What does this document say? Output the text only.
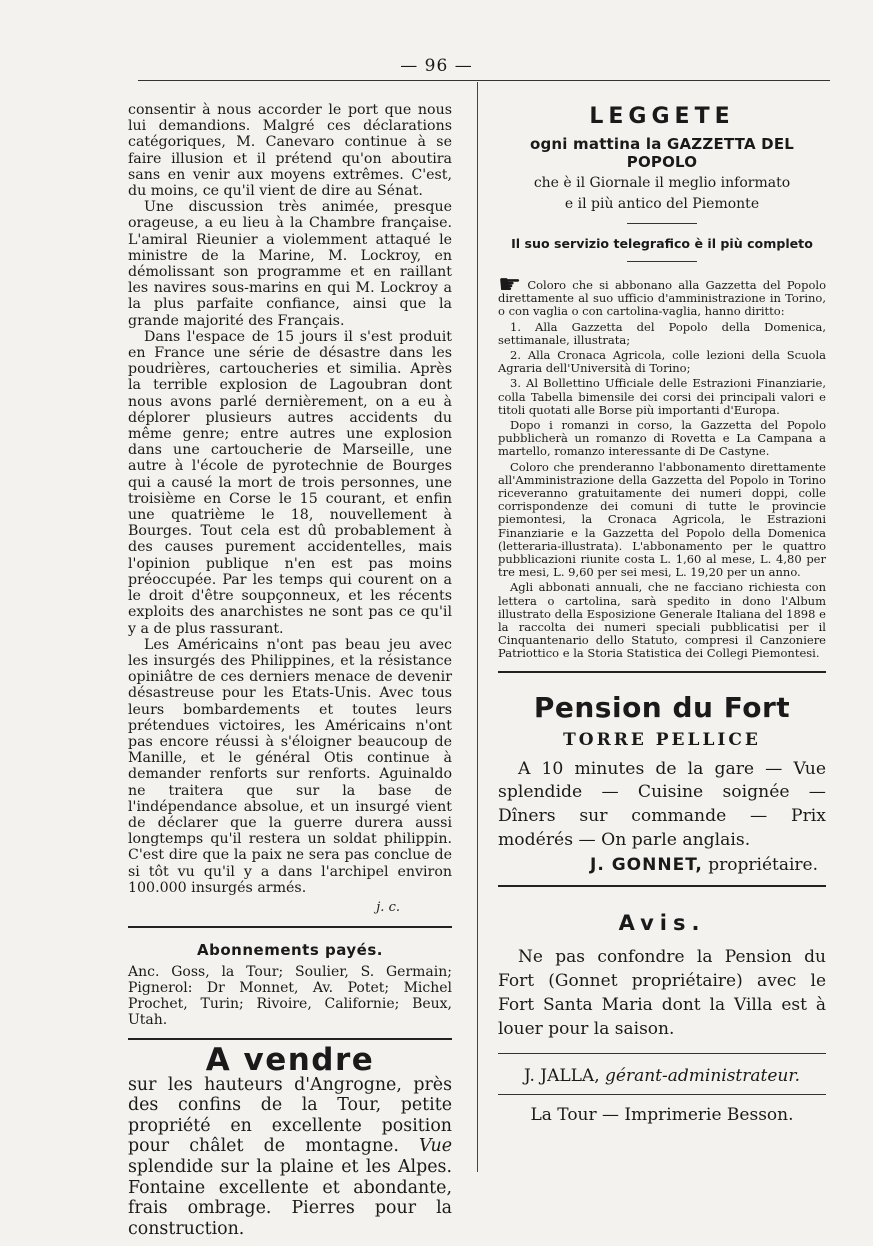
— 96 —

consentir à nous accorder le port que nous lui demandions. Malgré ces déclarations catégoriques, M. Canevaro continue à se faire illusion et il prétend qu'on aboutira sans en venir aux moyens extrêmes. C'est, du moins, ce qu'il vient de dire au Sénat.

Une discussion très animée, presque orageuse, a eu lieu à la Chambre française. L'amiral Rieunier a violemment attaqué le ministre de la Marine, M. Lockroy, en démolissant son programme et en raillant les navires sous-marins en qui M. Lockroy a la plus parfaite confiance, ainsi que la grande majorité des Français.

Dans l'espace de 15 jours il s'est produit en France une série de désastre dans les poudrières, cartoucheries et similia. Après la terrible explosion de Lagoubran dont nous avons parlé dernièrement, on a eu à déplorer plusieurs autres accidents du même genre; entre autres une explosion dans une cartoucherie de Marseille, une autre à l'école de pyrotechnie de Bourges qui a causé la mort de trois personnes, une troisième en Corse le 15 courant, et enfin une quatrième le 18, nouvellement à Bourges. Tout cela est dû probablement à des causes purement accidentelles, mais l'opinion publique n'en est pas moins préoccupée. Par les temps qui courent on a le droit d'être soupçonneux, et les récents exploits des anarchistes ne sont pas ce qu'il y a de plus rassurant.

Les Américains n'ont pas beau jeu avec les insurgés des Philippines, et la résistance opiniâtre de ces derniers menace de devenir désastreuse pour les Etats-Unis. Avec tous leurs bombardements et toutes leurs prétendues victoires, les Américains n'ont pas encore réussi à s'éloigner beaucoup de Manille, et le général Otis continue à demander renforts sur renforts. Aguinaldo ne traitera que sur la base de l'indépendance absolue, et un insurgé vient de déclarer que la guerre durera aussi longtemps qu'il restera un soldat philippin. C'est dire que la paix ne sera pas conclue de si tôt vu qu'il y a dans l'archipel environ 100.000 insurgés armés.

j. c.
Abonnements payés.
Anc. Goss, la Tour; Soulier, S. Germain; Pignerol: Dr Monnet, Av. Potet; Michel Prochet, Turin; Rivoire, Californie; Beux, Utah.
A vendre
sur les hauteurs d'Angrogne, près des confins de la Tour, petite propriété en excellente position pour châlet de montagne. Vue splendide sur la plaine et les Alpes. Fontaine excellente et abondante, frais ombrage. Pierres pour la construction.
LEGGETE
ogni mattina la GAZZETTA DEL POPOLO
che è il Giornale il meglio informato
e il più antico del Piemonte
Il suo servizio telegrafico è il più completo

☛ Coloro che si abbonano alla Gazzetta del Popolo direttamente al suo ufficio d'amministrazione in Torino, o con vaglia o con cartolina-vaglia, hanno diritto:

1. Alla Gazzetta del Popolo della Domenica, settimanale, illustrata;

2. Alla Cronaca Agricola, colle lezioni della Scuola Agraria dell'Università di Torino;

3. Al Bollettino Ufficiale delle Estrazioni Finanziarie, colla Tabella bimensile dei corsi dei principali valori e titoli quotati alle Borse più importanti d'Europa.

Dopo i romanzi in corso, la Gazzetta del Popolo pubblicherà un romanzo di Rovetta e La Campana a martello, romanzo interessante di De Castyne.

Coloro che prenderanno l'abbonamento direttamente all'Amministrazione della Gazzetta del Popolo in Torino riceveranno gratuitamente dei numeri doppi, colle corrispondenze dei comuni di tutte le provincie piemontesi, la Cronaca Agricola, le Estrazioni Finanziarie e la Gazzetta del Popolo della Domenica (letteraria-illustrata). L'abbonamento per le quattro pubblicazioni riunite costa L. 1,60 al mese, L. 4,80 per tre mesi, L. 9,60 per sei mesi, L. 19,20 per un anno.

Agli abbonati annuali, che ne facciano richiesta con lettera o cartolina, sarà spedito in dono l'Album illustrato della Esposizione Generale Italiana del 1898 e la raccolta dei numeri speciali pubblicatisi per il Cinquantenario dello Statuto, compresi il Canzoniere Patriottico e la Storia Statistica dei Collegi Piemontesi.

Pension du Fort
TORRE PELLICE
A 10 minutes de la gare — Vue splendide — Cuisine soignée — Dîners sur commande — Prix modérés — On parle anglais.
J. GONNET, propriétaire.
Avis.
Ne pas confondre la Pension du Fort (Gonnet propriétaire) avec le Fort Santa Maria dont la Villa est à louer pour la saison.
J. JALLA, gérant-administrateur.
La Tour — Imprimerie Besson.
